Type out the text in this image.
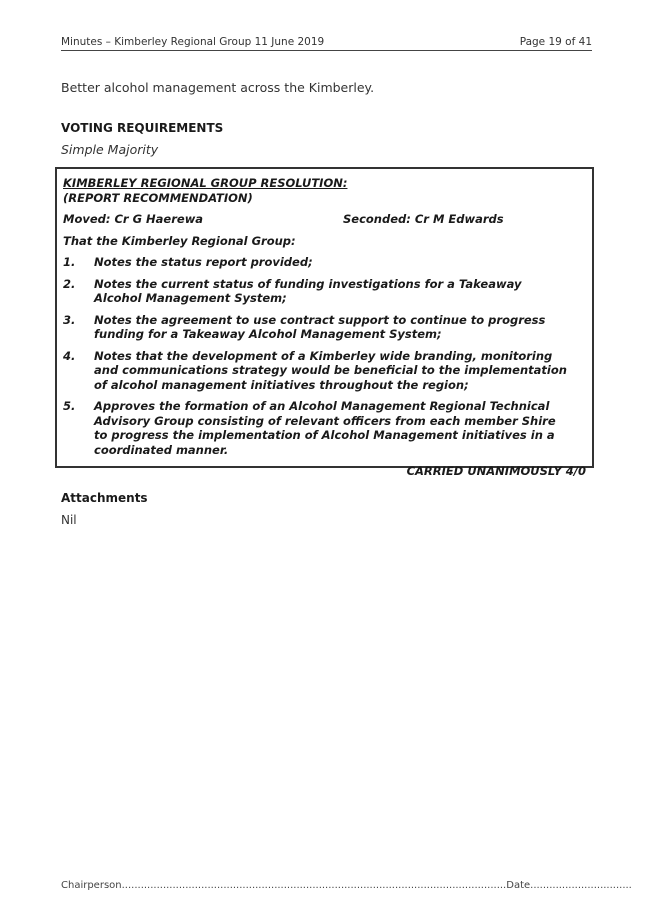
Minutes – Kimberley Regional Group 11 June 2019	Page 19 of 41
Better alcohol management across the Kimberley.
VOTING REQUIREMENTS
Simple Majority
KIMBERLEY REGIONAL GROUP RESOLUTION:
(REPORT RECOMMENDATION)
Moved: Cr G Haerewa	Seconded: Cr M Edwards
That the Kimberley Regional Group:
1.	Notes the status report provided;
2.	Notes the current status of funding investigations for a Takeaway Alcohol Management System;
3.	Notes the agreement to use contract support to continue to progress funding for a Takeaway Alcohol Management System;
4.	Notes that the development of a Kimberley wide branding, monitoring and communications strategy would be beneficial to the implementation of alcohol management initiatives throughout the region;
5.	Approves the formation of an Alcohol Management Regional Technical Advisory Group consisting of relevant officers from each member Shire to progress the implementation of Alcohol Management initiatives in a coordinated manner.
CARRIED UNANIMOUSLY 4/0
Attachments
Nil
Chairperson.........................................................................................................................Date................................
